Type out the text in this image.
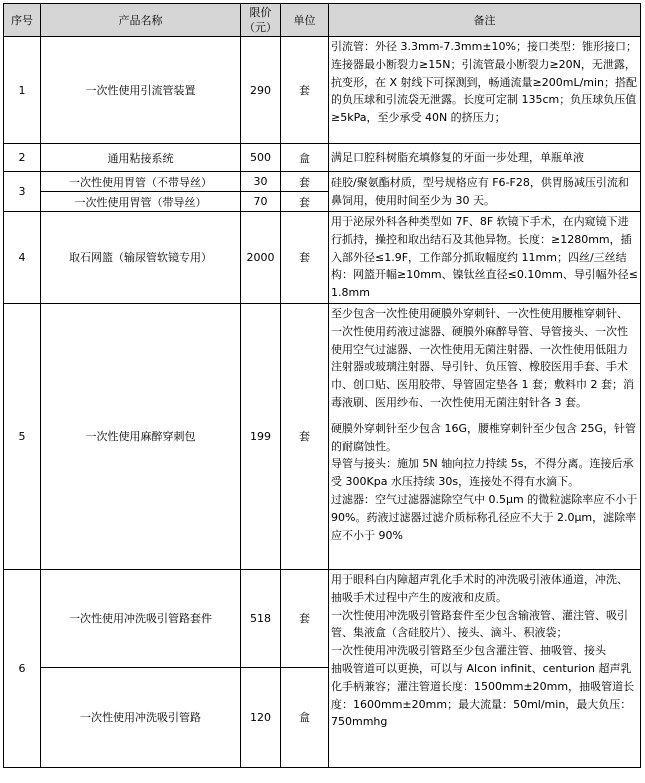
序号	产品名称	限价（元）	单位	备注
1	一次性使用引流管装置	290	套	引流管：外径 3.3mm-7.3mm±10%；接口类型：锥形接口；连接器最小断裂力≥15N；引流管最小断裂力≥20N，无泄露，抗变形，在 X 射线下可探测到，畅通流量≥200mL/min；搭配的负压球和引流袋无泄露。长度可定制 135cm；负压球负压值≥5kPa，至少承受 40N 的挤压力；
2	通用粘接系统	500	盒	满足口腔科树脂充填修复的牙面一步处理，单瓶单液
3	一次性使用胃管（不带导丝）	30	套	硅胶/聚氨酯材质，型号规格应有 F6-F28，供胃肠减压引流和鼻饲用，使用时间至少为 30 天。
	一次性使用胃管（带导丝）	70	套	
4	取石网篮（输尿管软镜专用）	2000	套	用于泌尿外科各种类型如 7F、8F 软镜下手术，在内窥镜下进行抓持，操控和取出结石及其他异物。长度：≥1280mm，插入部外径≤1.9F，工作部分抓取幅度约 11mm；四丝/三丝结构：网篮开幅≥10mm、镍钛丝直径≤0.10mm、导引幅外径≤1.8mm
5	一次性使用麻醉穿刺包	199	套	至少包含一次性使用硬膜外穿刺针、一次性使用腰椎穿刺针、一次性使用药液过滤器、硬膜外麻醉导管、导管接头、一次性使用空气过滤器、一次性使用无菌注射器、一次性使用低阻力注射器或玻璃注射器、导引针、负压管、橡胶医用手套、手术巾、创口贴、医用胶带、导管固定垫各 1 套；敷料巾 2 套；消毒液刷、医用纱布、一次性使用无菌注射针各 3 套。
硬膜外穿刺针至少包含 16G，腰椎穿刺针至少包含 25G，针管的耐腐蚀性。
导管与接头：施加 5N 轴向拉力持续 5s，不得分离。连接后承受 300Kpa 水压持续 30s，连接处不得有水滴下。
过滤器：空气过滤器滤除空气中 0.5μm 的微粒滤除率应不小于 90%。药液过滤器过滤介质标称孔径应不大于 2.0μm，滤除率应不小于 90%

6	一次性使用冲洗吸引管路套件	518	套	用于眼科白内障超声乳化手术时的冲洗吸引液体通道，冲洗、抽吸手术过程中产生的废液和皮质。
一次性使用冲洗吸引管路套件至少包含输液管、灌注管、吸引管、集液盒（含硅胶片）、接头、滴斗、积液袋；
一次性使用冲洗吸引管路至少包含灌注管、抽吸管、接头
抽吸管道可以更换，可以与 Alcon infinit、centurion 超声乳化手柄兼容；灌注管道长度：1500mm±20mm，抽吸管道长度：1600mm±20mm；最大流量：50ml/min，最大负压：750mmhg

	一次性使用冲洗吸引管路	120	盒	
